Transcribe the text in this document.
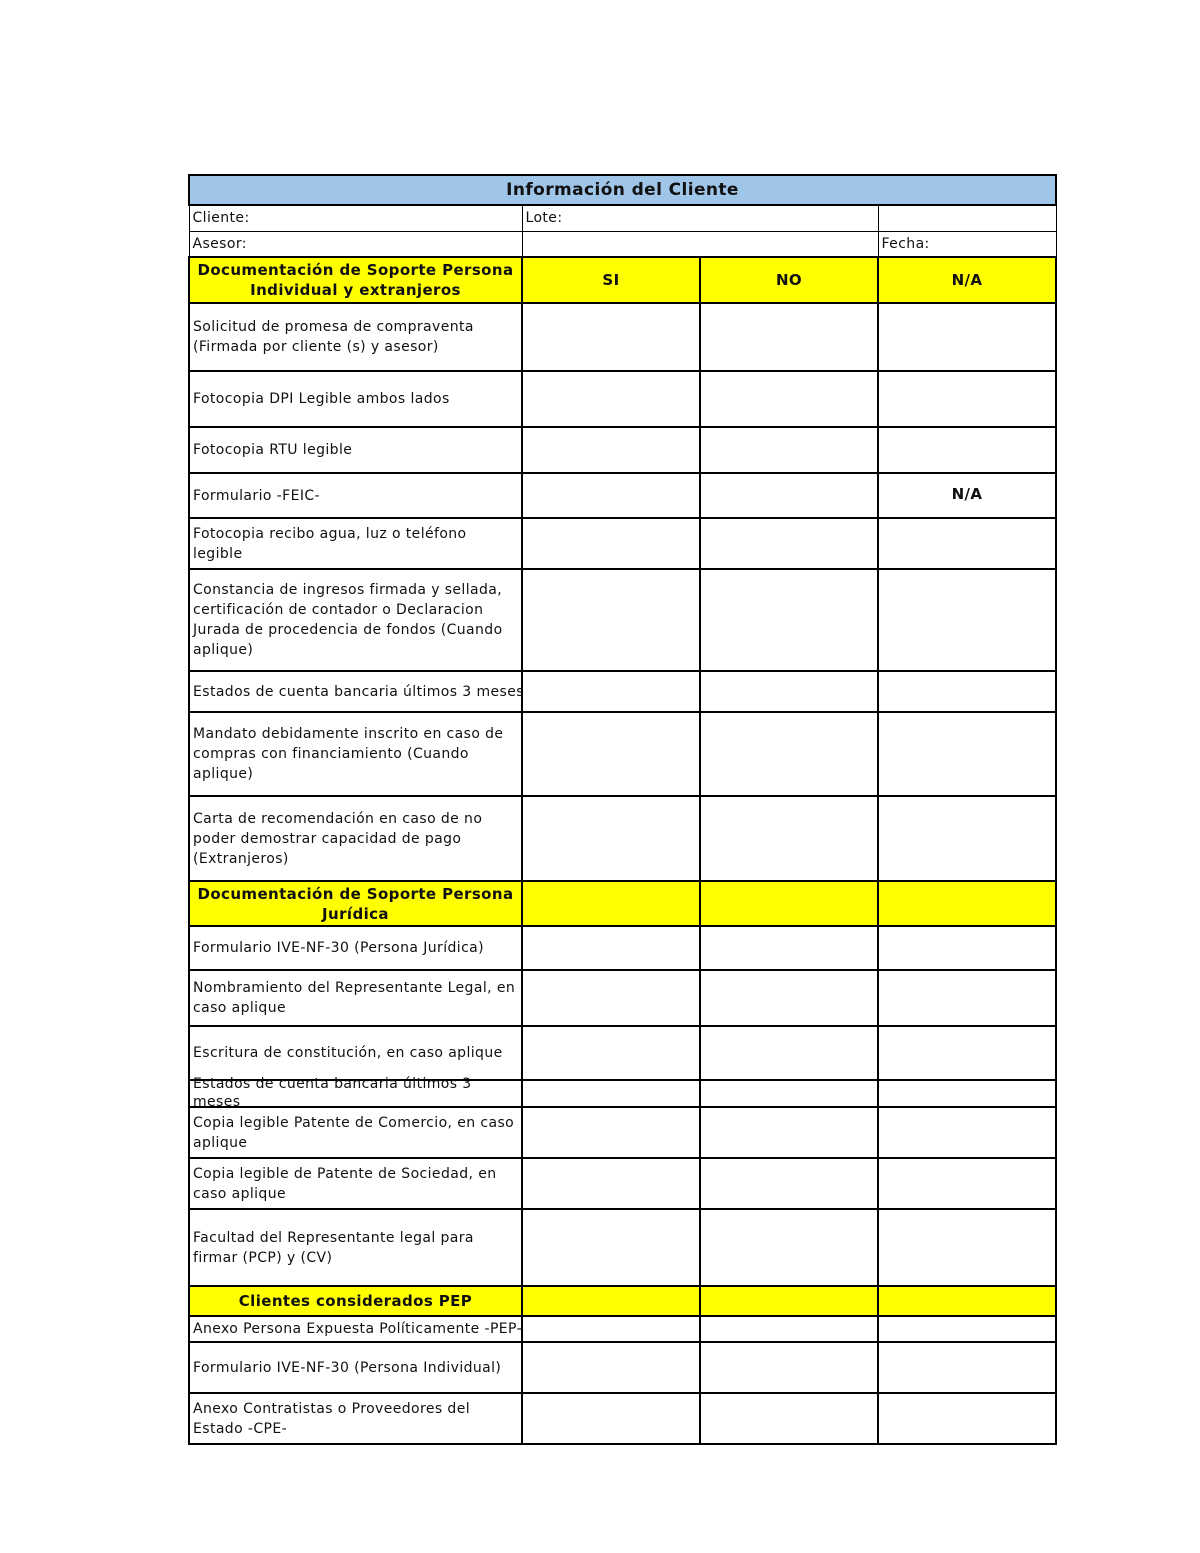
Información del Cliente			
Cliente:	Lote:		
Asesor:			Fecha:
Documentación de Soporte Persona Individual y extranjeros	SI	NO	N/A
Solicitud de promesa de compraventa (Firmada por cliente (s) y asesor)			
Fotocopia DPI Legible ambos lados			
Fotocopia RTU legible			
Formulario -FEIC-			N/A
Fotocopia recibo agua, luz o teléfono legible			
Constancia de ingresos firmada y sellada, certificación de contador o Declaracion Jurada de procedencia de fondos (Cuando aplique)			
Estados de cuenta bancaria últimos 3 meses			
Mandato debidamente inscrito en caso de compras con financiamiento (Cuando aplique)			
Carta de recomendación en caso de no poder demostrar capacidad de pago (Extranjeros)			
Documentación de Soporte Persona Jurídica			
Formulario IVE-NF-30 (Persona Jurídica)			
Nombramiento del Representante Legal, en caso aplique			
Escritura de constitución, en caso aplique			

Estados de cuenta bancaria últimos 3 meses			

Copia legible Patente de Comercio, en caso aplique			
Copia legible de Patente de Sociedad, en caso aplique			
Facultad del Representante legal para firmar (PCP) y (CV)			
Clientes considerados PEP			
Anexo Persona Expuesta Políticamente -PEP-			
Formulario IVE-NF-30 (Persona Individual)			
Anexo Contratistas o Proveedores del Estado -CPE-			
